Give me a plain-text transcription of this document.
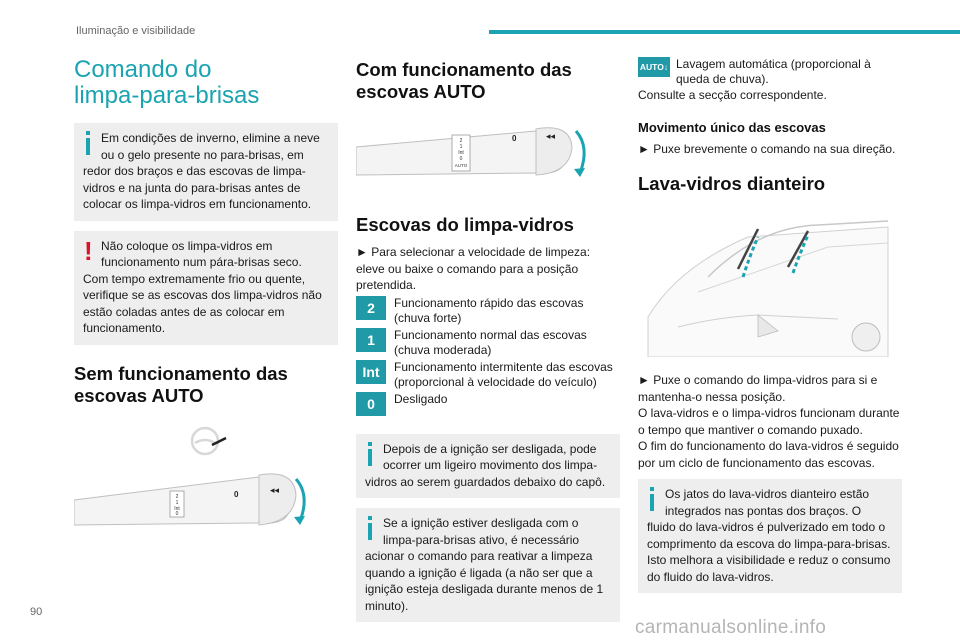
Iluminação e visibilidade
Comando do limpa-para-brisas
Em condições de inverno, elimine a neve ou o gelo presente no para-brisas, em redor dos braços e das escovas de limpa-vidros e na junta do para-brisas antes de colocar os limpa-vidros em funcionamento.
! Não coloque os limpa-vidros em funcionamento num pára-brisas seco. Com tempo extremamente frio ou quente, verifique se as escovas dos limpa-vidros não estão coladas antes de as colocar em funcionamento.
Sem funcionamento das escovas AUTO
2
1
Int
0
0	◂◂
Com funcionamento das escovas AUTO
2
1
Int
0
AUTO
0	◂◂
Escovas do limpa-vidros

► Para selecionar a velocidade de limpeza: eleve ou baixe o comando para a posição pretendida.

2	Funcionamento rápido das escovas (chuva forte)
1	Funcionamento normal das escovas (chuva moderada)
Int	Funcionamento intermitente das escovas (proporcional à velocidade do veículo)
0	Desligado
Depois de a ignição ser desligada, pode ocorrer um ligeiro movimento dos limpa-vidros ao serem guardados debaixo do capô.
Se a ignição estiver desligada com o limpa-para-brisas ativo, é necessário acionar o comando para reativar a limpeza quando a ignição é ligada (a não ser que a ignição esteja desligada durante menos de 1 minuto).
AUTO ↓ Lavagem automática (proporcional à queda de chuva).

Consulte a secção correspondente.

Movimento único das escovas

► Puxe brevemente o comando na sua direção.

Lava-vidros dianteiro

► Puxe o comando do limpa-vidros para si e mantenha-o nessa posição.

O lava-vidros e o limpa-vidros funcionam durante o tempo que mantiver o comando puxado.

O fim do funcionamento do lava-vidros é seguido por um ciclo de funcionamento das escovas.

Os jatos do lava-vidros dianteiro estão integrados nas pontas dos braços. O fluido do lava-vidros é pulverizado em todo o comprimento da escova do limpa-para-brisas. Isto melhora a visibilidade e reduz o consumo do fluido do lava-vidros.
90
carmanualsonline.info
